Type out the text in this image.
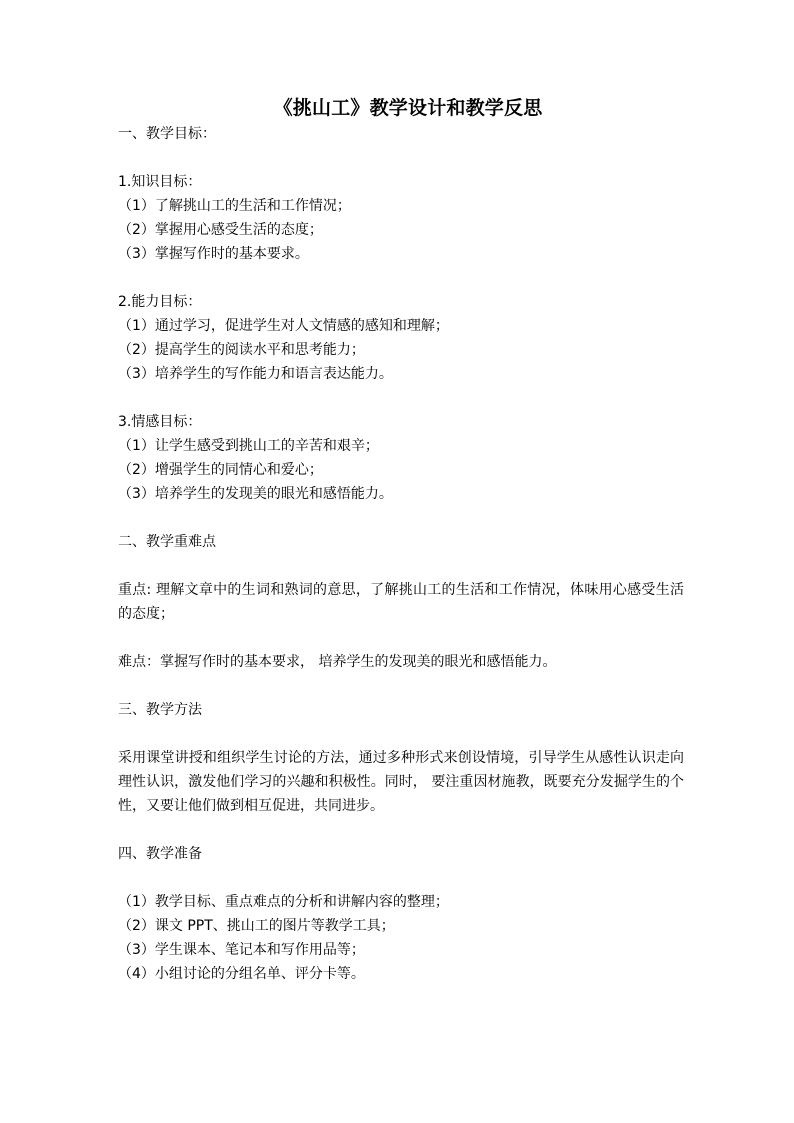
《挑山工》教学设计和教学反思
一、教学目标：
1.知识目标：
（1）了解挑山工的生活和工作情况；
（2）掌握用心感受生活的态度；
（3）掌握写作时的基本要求。
2.能力目标：
（1）通过学习，促进学生对人文情感的感知和理解；
（2）提高学生的阅读水平和思考能力；
（3）培养学生的写作能力和语言表达能力。
3.情感目标：
（1）让学生感受到挑山工的辛苦和艰辛；
（2）增强学生的同情心和爱心；
（3）培养学生的发现美的眼光和感悟能力。
二、教学重难点
重点: 理解文章中的生词和熟词的意思，了解挑山工的生活和工作情况，体味用心感受生活的态度；
难点：掌握写作时的基本要求， 培养学生的发现美的眼光和感悟能力。
三、教学方法
采用课堂讲授和组织学生讨论的方法，通过多种形式来创设情境，引导学生从感性认识走向理性认识，激发他们学习的兴趣和积极性。同时， 要注重因材施教，既要充分发掘学生的个性，又要让他们做到相互促进，共同进步。
四、教学准备
（1）教学目标、重点难点的分析和讲解内容的整理；
（2）课文 PPT、挑山工的图片等教学工具；
（3）学生课本、笔记本和写作用品等；
（4）小组讨论的分组名单、评分卡等。
